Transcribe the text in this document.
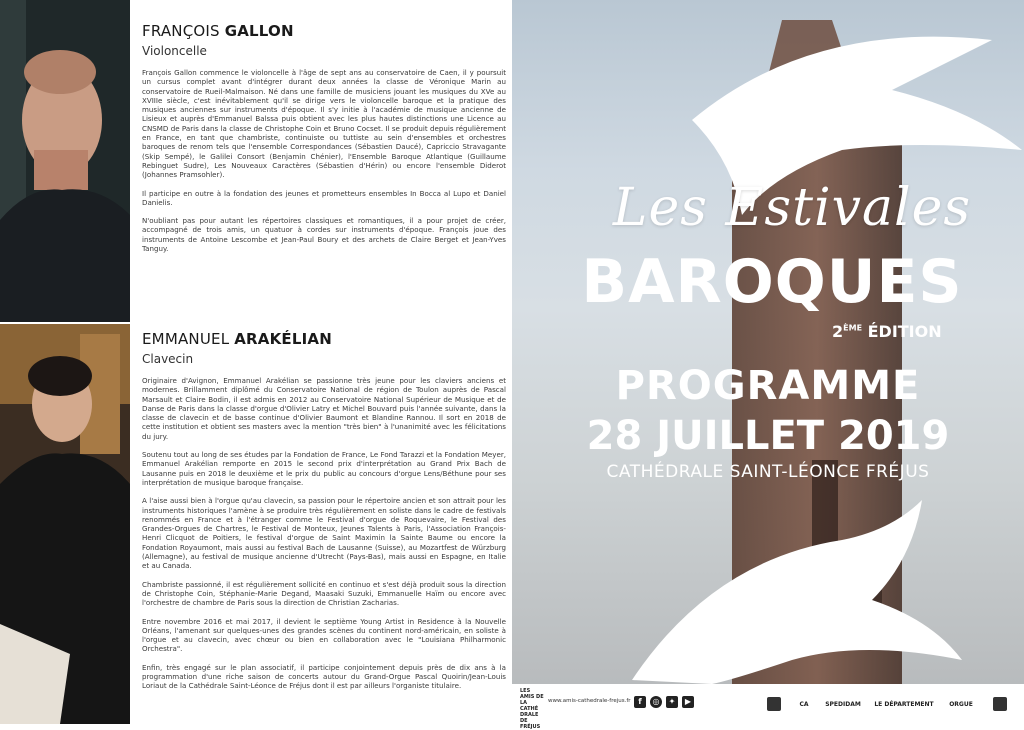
FRANÇOIS GALLON
Violoncelle

François Gallon commence le violoncelle à l'âge de sept ans au conservatoire de Caen, il y poursuit un cursus complet avant d'intégrer durant deux années la classe de Véronique Marin au conservatoire de Rueil-Malmaison. Né dans une famille de musiciens jouant les musiques du XVe au XVIIIe siècle, c'est inévitablement qu'il se dirige vers le violoncelle baroque et la pratique des musiques anciennes sur instruments d'époque. Il s'y initie à l'académie de musique ancienne de Lisieux et auprès d'Emmanuel Balssa puis obtient avec les plus hautes distinctions une Licence au CNSMD de Paris dans la classe de Christophe Coin et Bruno Cocset. Il se produit depuis régulièrement en France, en tant que chambriste, continuiste ou tuttiste au sein d'ensembles et orchestres baroques de renom tels que l'ensemble Correspondances (Sébastien Daucé), Capriccio Stravagante (Skip Sempé), le Galilei Consort (Benjamin Chénier), l'Ensemble Baroque Atlantique (Guillaume Rebinguet Sudre), Les Nouveaux Caractères (Sébastien d'Hérin) ou encore l'ensemble Diderot (Johannes Pramsohler).

Il participe en outre à la fondation des jeunes et prometteurs ensembles In Bocca al Lupo et Daniel Danielis.

N'oubliant pas pour autant les répertoires classiques et romantiques, il a pour projet de créer, accompagné de trois amis, un quatuor à cordes sur instruments d'époque. François joue des instruments de Antoine Lescombe et Jean-Paul Boury et des archets de Claire Berget et Jean-Yves Tanguy.

EMMANUEL ARAKÉLIAN
Clavecin

Originaire d'Avignon, Emmanuel Arakélian se passionne très jeune pour les claviers anciens et modernes. Brillamment diplômé du Conservatoire National de région de Toulon auprès de Pascal Marsault et Claire Bodin, il est admis en 2012 au Conservatoire National Supérieur de Musique et de Danse de Paris dans la classe d'orgue d'Olivier Latry et Michel Bouvard puis l'année suivante, dans la classe de clavecin et de basse continue d'Olivier Baumont et Blandine Rannou. Il sort en 2018 de cette institution et obtient ses masters avec la mention "très bien" à l'unanimité avec les félicitations du jury.

Soutenu tout au long de ses études par la Fondation de France, Le Fond Tarazzi et la Fondation Meyer, Emmanuel Arakélian remporte en 2015 le second prix d'interprétation au Grand Prix Bach de Lausanne puis en 2018 le deuxième et le prix du public au concours d'orgue Lens/Béthune pour ses interprétation de musique baroque française.

A l'aise aussi bien à l'orgue qu'au clavecin, sa passion pour le répertoire ancien et son attrait pour les instruments historiques l'amène à se produire très régulièrement en soliste dans le cadre de festivals renommés en France et à l'étranger comme le Festival d'orgue de Roquevaire, le Festival des Grandes-Orgues de Chartres, le Festival de Monteux, Jeunes Talents à Paris, l'Association François-Henri Clicquot de Poitiers, le festival d'orgue de Saint Maximin la Sainte Baume ou encore la Fondation Royaumont, mais aussi au festival Bach de Lausanne (Suisse), au Mozartfest de Würzburg (Allemagne), au festival de musique ancienne d'Utrecht (Pays-Bas), mais aussi en Espagne, en Italie et au Canada.

Chambriste passionné, il est régulièrement sollicité en continuo et s'est déjà produit sous la direction de Christophe Coin, Stéphanie-Marie Degand, Maasaki Suzuki, Emmanuelle Haïm ou encore avec l'orchestre de chambre de Paris sous la direction de Christian Zacharias.

Entre novembre 2016 et mai 2017, il devient le septième Young Artist in Residence à la Nouvelle Orléans, l'amenant sur quelques-unes des grandes scènes du continent nord-américain, en soliste à l'orgue et au clavecin, avec chœur ou bien en collaboration avec le "Louisiana Philharmonic Orchestra".

Enfin, très engagé sur le plan associatif, il participe conjointement depuis près de dix ans à la programmation d'une riche saison de concerts autour du Grand-Orgue Pascal Quoirin/Jean-Louis Loriaut de la Cathédrale Saint-Léonce de Fréjus dont il est par ailleurs l'organiste titulaire.

Les Estivales
BAROQUES
2ÈME ÉDITION
PROGRAMME
28 JUILLET 2019
CATHÉDRALE SAINT-LÉONCE FRÉJUS
LES AMIS DE LA CATHÉ DRALE DE FRÉJUS
www.amis-cathedrale-frejus.fr f	◎	✦	▶	CA	SPEDIDAM LE DÉPARTEMENT	ORGUE
